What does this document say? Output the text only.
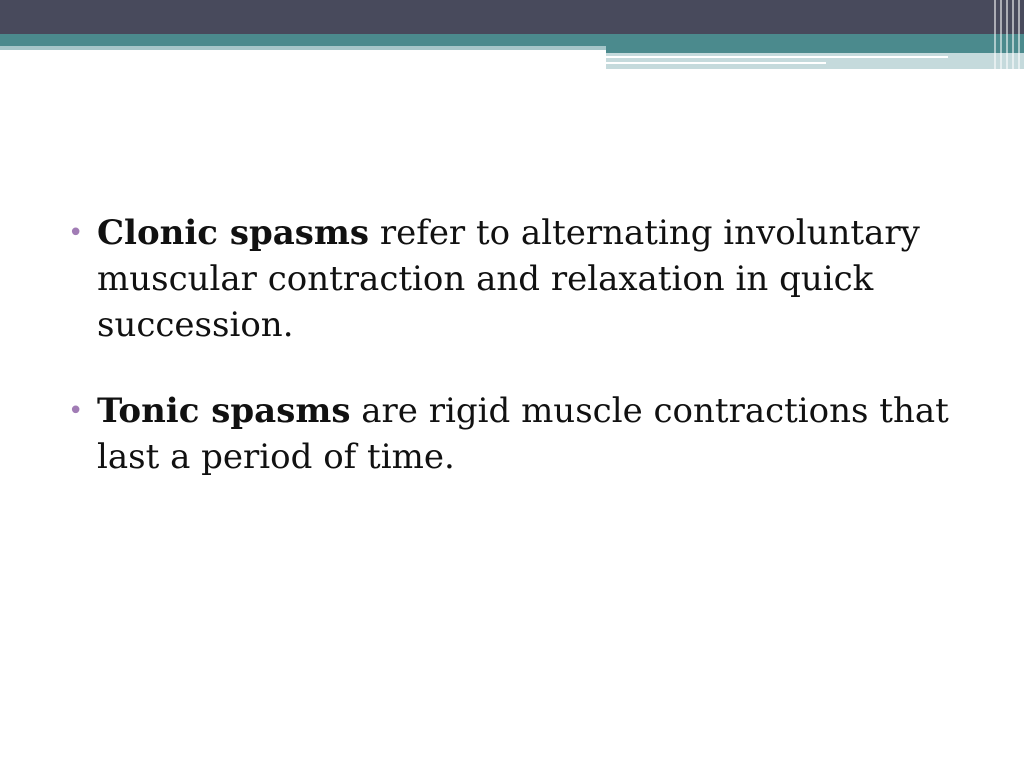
• Clonic spasms refer to alternating involuntary muscular contraction and relaxation in quick succession.
• Tonic spasms are rigid muscle contractions that last a period of time.
